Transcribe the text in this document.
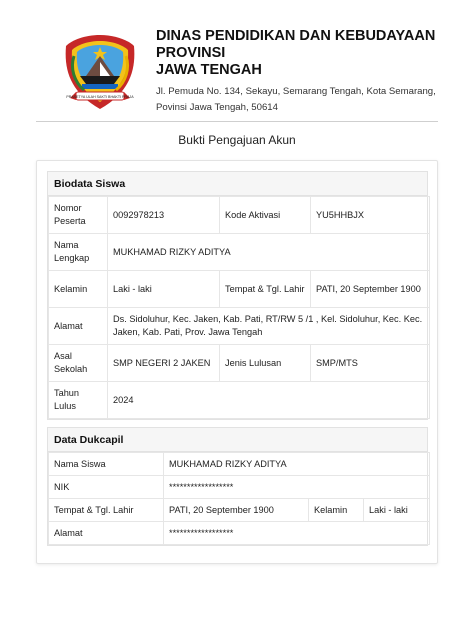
PRASETYA ULAH SAKTI BHAKTI PRAJA
DINAS PENDIDIKAN DAN KEBUDAYAAN
PROVINSI
JAWA TENGAH
Jl. Pemuda No. 134, Sekayu, Semarang Tengah, Kota Semarang,
Povinsi Jawa Tengah, 50614
Bukti Pengajuan Akun
Biodata Siswa
Nomor Peserta	0092978213	Kode Aktivasi	YU5HHBJX
Nama Lengkap	MUKHAMAD RIZKY ADITYA		
Kelamin	Laki - laki	Tempat & Tgl. Lahir	PATI, 20 September 1900
Alamat	Ds. Sidoluhur, Kec. Jaken, Kab. Pati, RT/RW 5 /1 , Kel. Sidoluhur, Kec. Kec. Jaken, Kab. Pati, Prov. Jawa Tengah		
Asal Sekolah	SMP NEGERI 2 JAKEN	Jenis Lulusan	SMP/MTS
Tahun Lulus	2024		
Data Dukcapil
Nama Siswa	MUKHAMAD RIZKY ADITYA		
NIK	******************		
Tempat & Tgl. Lahir	PATI, 20 September 1900	Kelamin	Laki - laki
Alamat	******************		
